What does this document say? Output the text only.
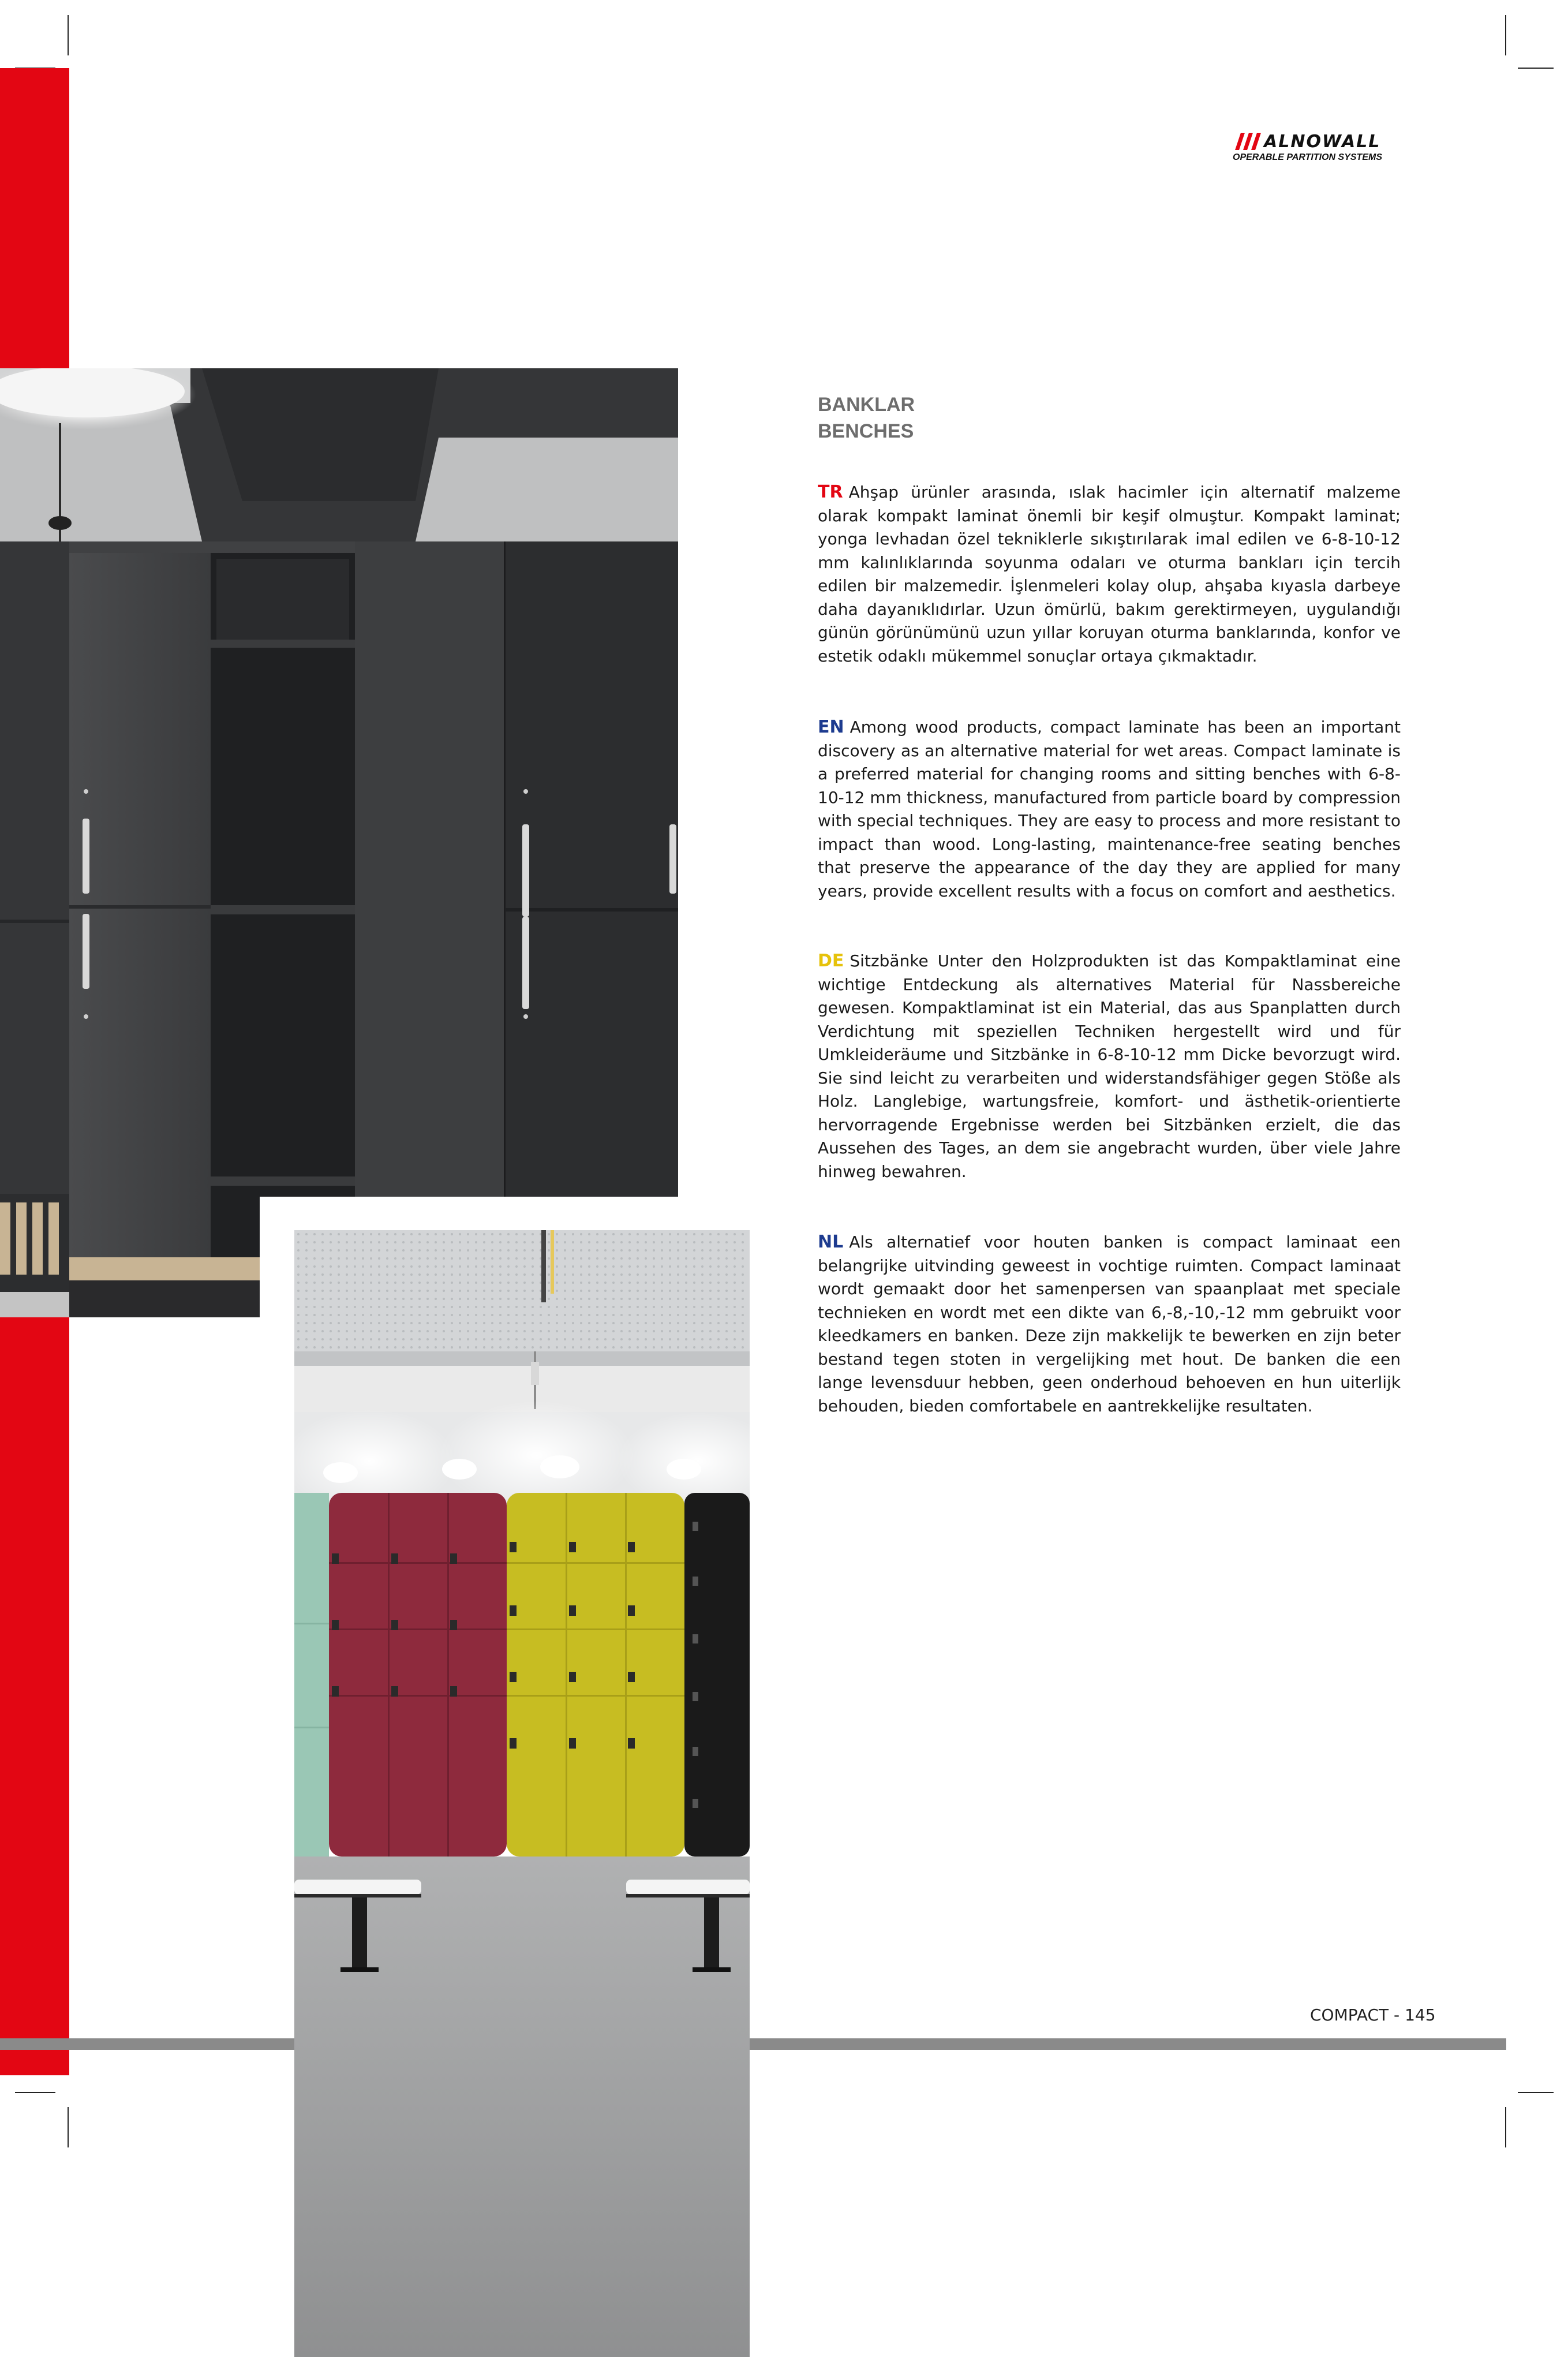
ALNOWALL
OPERABLE PARTITION SYSTEMS
BANKLAR
BENCHES
TR Ahşap ürünler arasında, ıslak hacimler için alternatif malzeme olarak kompakt laminat önemli bir keşif olmuştur. Kompakt laminat; yonga levhadan özel tekniklerle sıkıştırılarak imal edilen ve 6-8-10-12 mm kalınlıklarında soyunma odaları ve oturma bankları için tercih edilen bir malzemedir. İşlenmeleri kolay olup, ahşaba kıyasla darbeye daha dayanıklıdırlar. Uzun ömürlü, bakım gerektirmeyen, uygulandığı günün görünümünü uzun yıllar koruyan oturma banklarında, konfor ve estetik odaklı mükemmel sonuçlar ortaya çıkmaktadır.
EN Among wood products, compact laminate has been an important discovery as an alternative material for wet areas. Compact laminate is a preferred material for changing rooms and sitting benches with 6-8-10-12 mm thickness, manufactured from particle board by compression with special techniques. They are easy to process and more resistant to impact than wood. Long-lasting, maintenance-free seating benches that preserve the appearance of the day they are applied for many years, provide excellent results with a focus on comfort and aesthetics.
DE Sitzbänke Unter den Holzprodukten ist das Kompaktlaminat eine wichtige Entdeckung als alternatives Material für Nassbereiche gewesen. Kompaktlaminat ist ein Material, das aus Spanplatten durch Verdichtung mit speziellen Techniken hergestellt wird und für Umkleideräume und Sitzbänke in 6-8-10-12 mm Dicke bevorzugt wird. Sie sind leicht zu verarbeiten und widerstandsfähiger gegen Stöße als Holz. Langlebige, wartungsfreie, komfort- und ästhetik-orientierte hervorragende Ergebnisse werden bei Sitzbänken erzielt, die das Aussehen des Tages, an dem sie angebracht wurden, über viele Jahre hinweg bewahren.
NL Als alternatief voor houten banken is compact laminaat een belangrijke uitvinding geweest in vochtige ruimten. Compact laminaat wordt gemaakt door het samenpersen van spaanplaat met speciale technieken en wordt met een dikte van 6,-8,-10,-12 mm gebruikt voor kleedkamers en banken. Deze zijn makkelijk te bewerken en zijn beter bestand tegen stoten in vergelijking met hout. De banken die een lange levensduur hebben, geen onderhoud behoeven en hun uiterlijk behouden, bieden comfortabele en aantrekkelijke resultaten.
COMPACT - 145
